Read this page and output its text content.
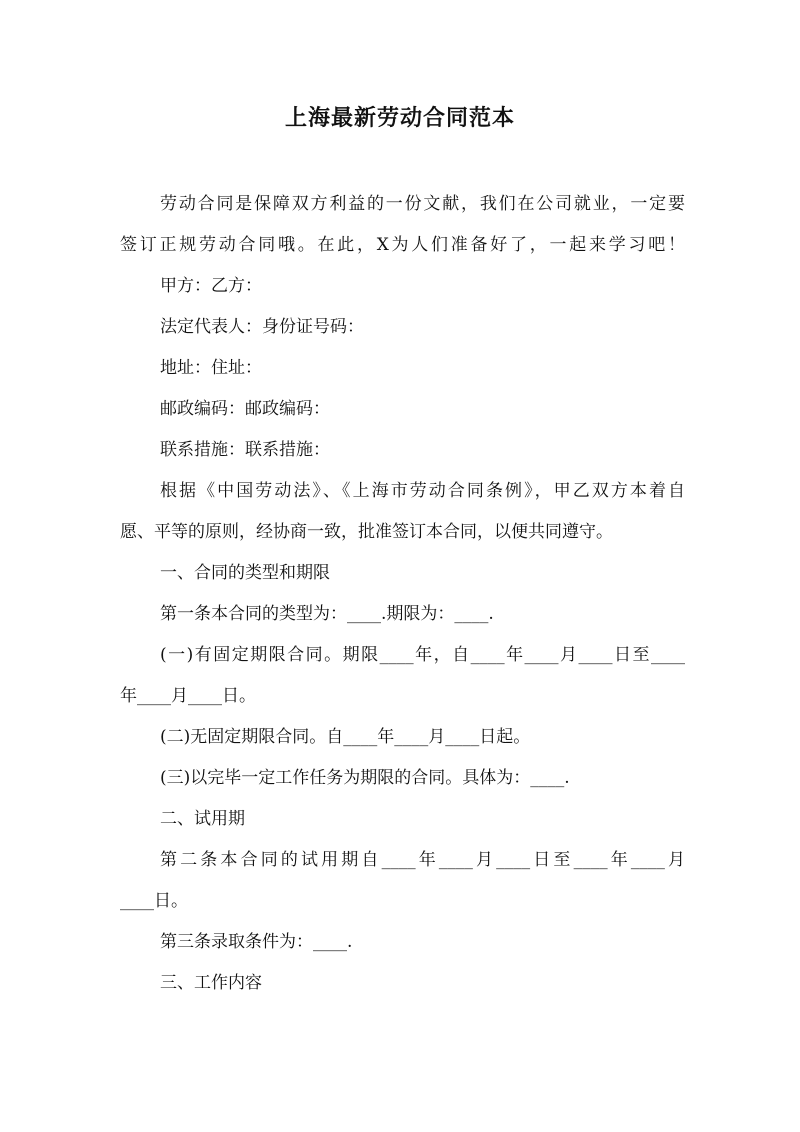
上海最新劳动合同范本
劳动合同是保障双方利益的一份文献，我们在公司就业，一定要
签订正规劳动合同哦。在此，X为人们准备好了，一起来学习吧！
甲方：乙方：
法定代表人：身份证号码：
地址：住址：
邮政编码：邮政编码：
联系措施：联系措施：
根据《中国劳动法》、《上海市劳动合同条例》，甲乙双方本着自
愿、平等的原则，经协商一致，批准签订本合同，以便共同遵守。
一、合同的类型和期限
第一条本合同的类型为：____.期限为：____.
(一)有固定期限合同。期限____年，自____年____月____日至____
年____月____日。
(二)无固定期限合同。自____年____月____日起。
(三)以完毕一定工作任务为期限的合同。具体为：____.
二、试用期
第二条本合同的试用期自____年____月____日至____年____月
____日。
第三条录取条件为：____.
三、工作内容
